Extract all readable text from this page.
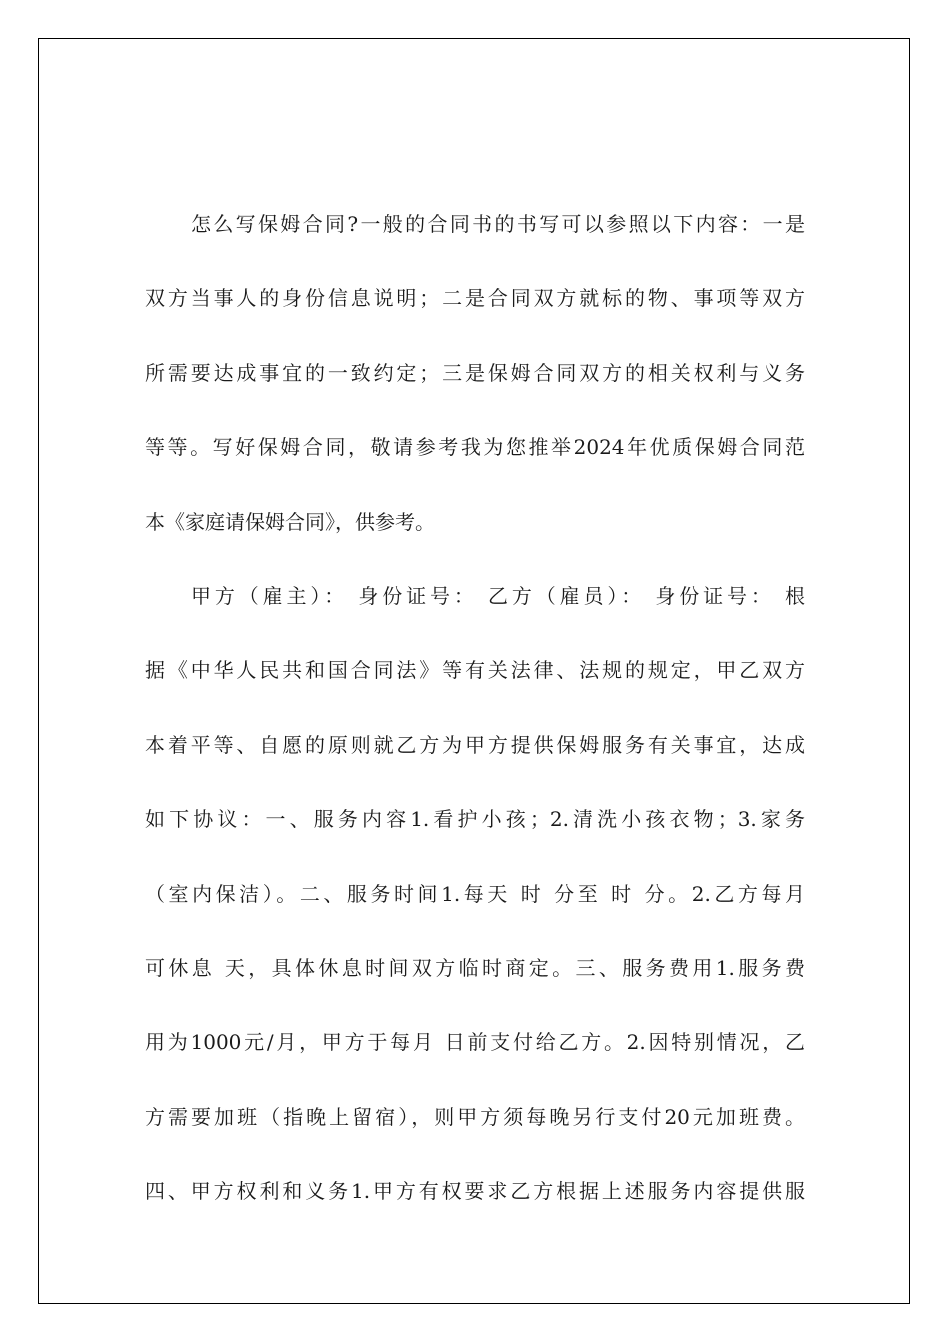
怎么写保姆合同?一般的合同书的书写可以参照以下内容：一是
双方当事人的身份信息说明；二是合同双方就标的物、事项等双方
所需要达成事宜的一致约定；三是保姆合同双方的相关权利与义务
等等。写好保姆合同，敬请参考我为您推举2024年优质保姆合同范
本《家庭请保姆合同》，供参考。
甲方（雇主）： 身份证号： 乙方（雇员）： 身份证号： 根
据《中华人民共和国合同法》等有关法律、法规的规定，甲乙双方
本着平等、自愿的原则就乙方为甲方提供保姆服务有关事宜，达成
如下协议：一、服务内容1.看护小孩；2.清洗小孩衣物；3.家务
（室内保洁）。二、服务时间1.每天 时 分至 时 分。2.乙方每月
可休息 天，具体休息时间双方临时商定。三、服务费用1.服务费
用为1000元/月，甲方于每月 日前支付给乙方。2.因特别情况，乙
方需要加班（指晚上留宿），则甲方须每晚另行支付20元加班费。
四、甲方权利和义务1.甲方有权要求乙方根据上述服务内容提供服
